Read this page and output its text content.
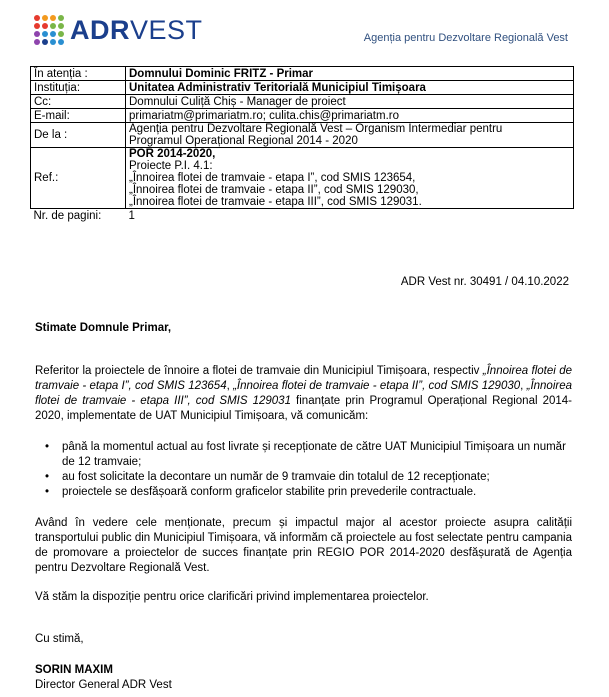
ADRVEST	Agenția pentru Dezvoltare Regională Vest
În atenția :	Domnului Dominic FRITZ - Primar
Instituția:	Unitatea Administrativ Teritorială Municipiul Timișoara
Cc:	Domnului Culiță Chiș - Manager de proiect
E-mail:	primariatm@primariatm.ro; culita.chis@primariatm.ro
De la :	Agenția pentru Dezvoltare Regională Vest – Organism Intermediar pentru
Programul Operațional Regional 2014 - 2020

Ref.:	POR 2014-2020,
Proiecte P.I. 4.1:
„Înnoirea flotei de tramvaie - etapa I”, cod SMIS 123654,
„Înnoirea flotei de tramvaie - etapa II”, cod SMIS 129030,
„Înnoirea flotei de tramvaie - etapa III”, cod SMIS 129031.

Nr. de pagini:	1
ADR Vest nr. 30491 / 04.10.2022
Stimate Domnule Primar,
Referitor la proiectele de înnoire a flotei de tramvaie din Municipiul Timișoara, respectiv „Înnoirea flotei de tramvaie - etapa I”, cod SMIS 123654, „Înnoirea flotei de tramvaie - etapa II”, cod SMIS 129030, „Înnoirea flotei de tramvaie - etapa III”, cod SMIS 129031 finanțate prin Programul Operațional Regional 2014-2020, implementate de UAT Municipiul Timișoara, vă comunicăm:
• până la momentul actual au fost livrate și recepționate de către UAT Municipiul Timișoara un număr de 12 tramvaie;
• au fost solicitate la decontare un număr de 9 tramvaie din totalul de 12 recepționate;
• proiectele se desfășoară conform graficelor stabilite prin prevederile contractuale.
Având în vedere cele menționate, precum și impactul major al acestor proiecte asupra calității transportului public din Municipiul Timișoara, vă informăm că proiectele au fost selectate pentru campania de promovare a proiectelor de succes finanțate prin REGIO POR 2014-2020 desfășurată de Agenția pentru Dezvoltare Regională Vest.
Vă stăm la dispoziție pentru orice clarificări privind implementarea proiectelor.
Cu stimă,
SORIN MAXIM
Director General ADR Vest
